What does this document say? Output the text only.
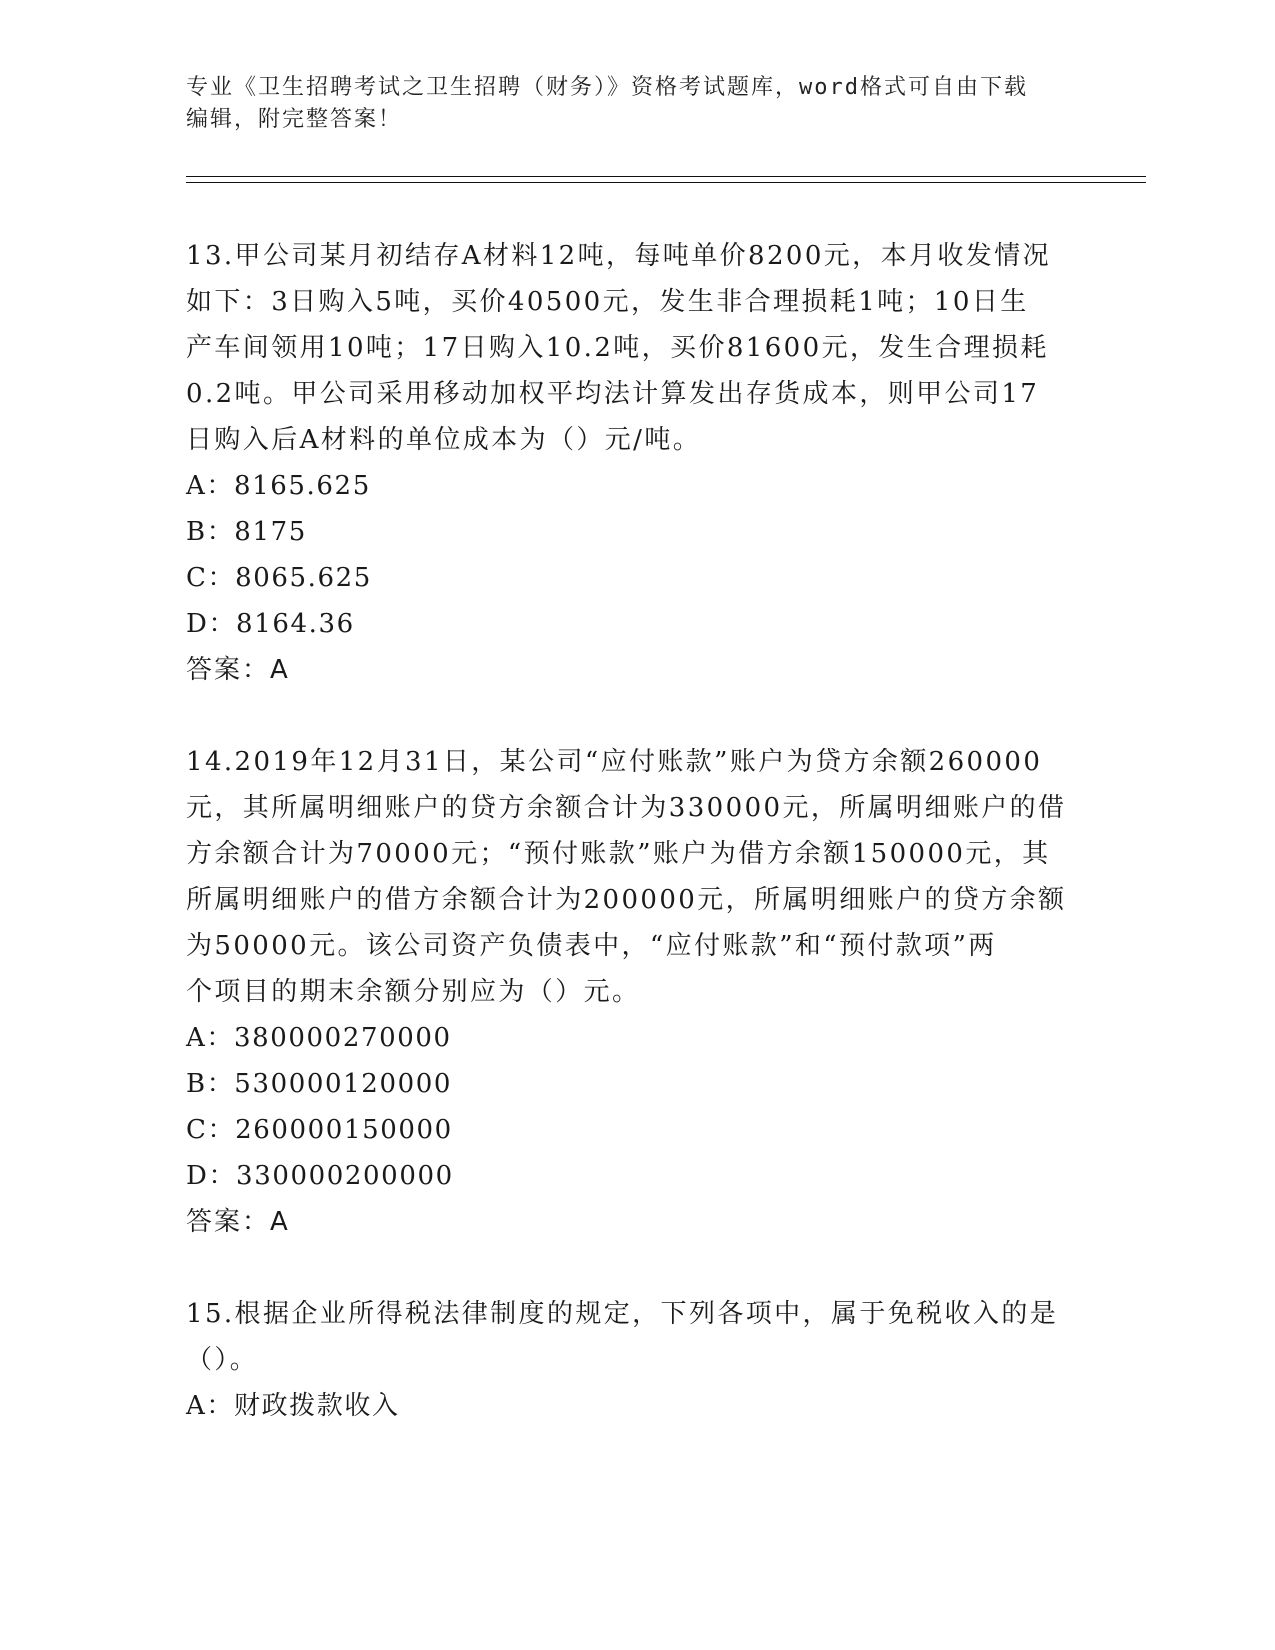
专业《卫生招聘考试之卫生招聘（财务）》资格考试题库，word格式可自由下载

编辑，附完整答案！

13.甲公司某月初结存A材料12吨，每吨单价8200元，本月收发情况

如下：3日购入5吨，买价40500元，发生非合理损耗1吨；10日生

产车间领用10吨；17日购入10.2吨，买价81600元，发生合理损耗

0.2吨。甲公司采用移动加权平均法计算发出存货成本，则甲公司17

日购入后A材料的单位成本为（）元/吨。

A：8165.625

B：8175

C：8065.625

D：8164.36

答案：A

14.2019年12月31日，某公司“应付账款”账户为贷方余额260000

元，其所属明细账户的贷方余额合计为330000元，所属明细账户的借

方余额合计为70000元；“预付账款”账户为借方余额150000元，其

所属明细账户的借方余额合计为200000元，所属明细账户的贷方余额

为50000元。该公司资产负债表中，“应付账款”和“预付款项”两

个项目的期末余额分别应为（）元。

A：380000270000

B：530000120000

C：260000150000

D：330000200000

答案：A

15.根据企业所得税法律制度的规定，下列各项中，属于免税收入的是

（）。

A：财政拨款收入
